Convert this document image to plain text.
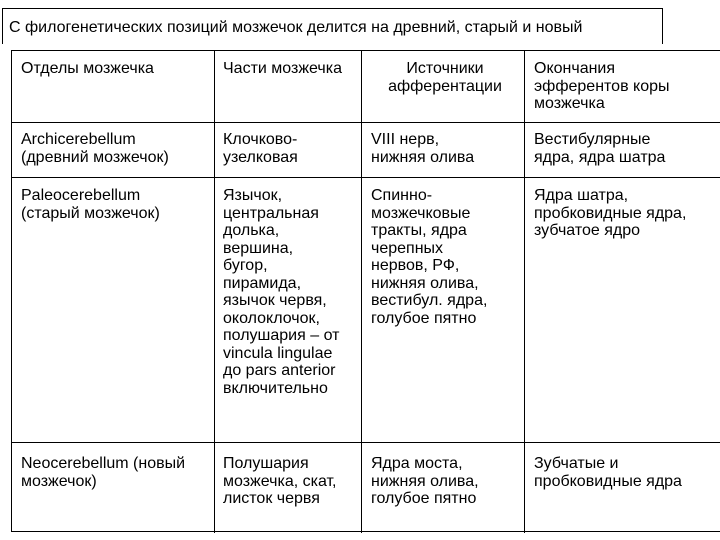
С филогенетических позиций мозжечок делится на древний, старый и новый
Отделы мозжечка	Части мозжечка	Источники
афферентации
Окончания
эфферентов коры
мозжечка
Archicerebellum
(древний мозжечок)
Клочково-
узелковая
VIII нерв,
нижняя олива
Вестибулярные
ядра, ядра шатра
Paleocerebellum
(старый мозжечок)
Язычок,
центральная
долька,
вершина,
бугор,
пирамида,
язычок червя,
околоклочок,
полушария – от
vincula lingulae
до pars anterior
включительно
Спинно-
мозжечковые
тракты, ядра
черепных
нервов, РФ,
нижняя олива,
вестибул. ядра,
голубое пятно
Ядра шатра,
пробковидные ядра,
зубчатое ядро
Neocerebellum (новый
мозжечок)
Полушария
мозжечка, скат,
листок червя
Ядра моста,
нижняя олива,
голубое пятно
Зубчатые и
пробковидные ядра
